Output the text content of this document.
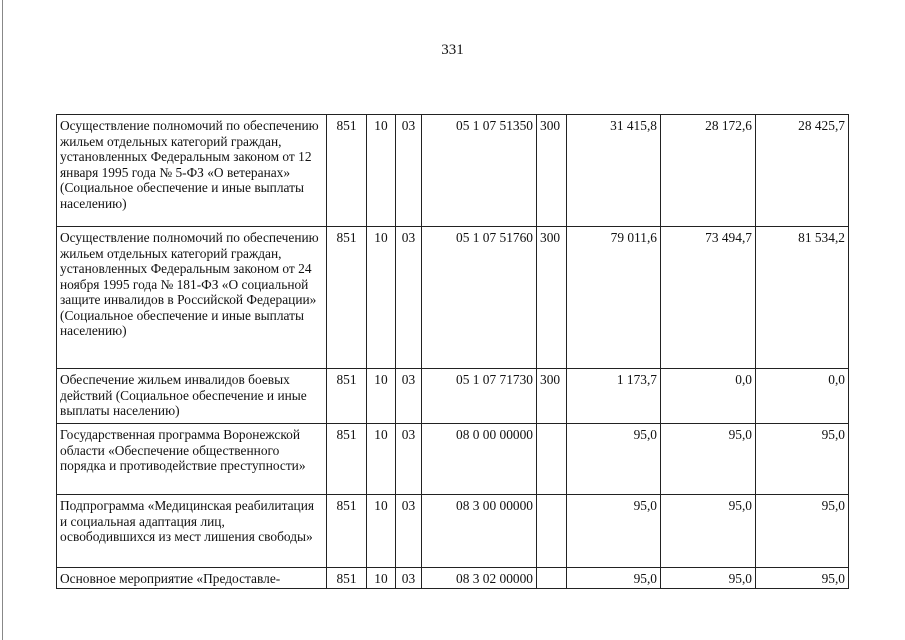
331
Осуществление полномочий по обеспечению жильем отдельных категорий граждан, установленных Федеральным законом от 12 января 1995 года № 5-ФЗ «О ветеранах» (Социальное обеспечение и иные выплаты населению)	851	10	03	05 1 07 51350	300	31 415,8	28 172,6	28 425,7
Осуществление полномочий по обеспечению жильем отдельных категорий граждан, установленных Федеральным законом от 24 ноября 1995 года № 181-ФЗ «О социальной защите инвалидов в Российской Федерации» (Социальное обеспечение и иные выплаты населению)	851	10	03	05 1 07 51760	300	79 011,6	73 494,7	81 534,2
Обеспечение жильем инвалидов боевых действий (Социальное обеспечение и иные выплаты населению)	851	10	03	05 1 07 71730	300	1 173,7	0,0	0,0
Государственная программа Воронежской области «Обеспечение общественного порядка и противодействие преступности»	851	10	03	08 0 00 00000		95,0	95,0	95,0
Подпрограмма «Медицинская реабилитация и социальная адаптация лиц, освободившихся из мест лишения свободы»	851	10	03	08 3 00 00000		95,0	95,0	95,0
Основное мероприятие «Предоставле-	851	10	03	08 3 02 00000		95,0	95,0	95,0
